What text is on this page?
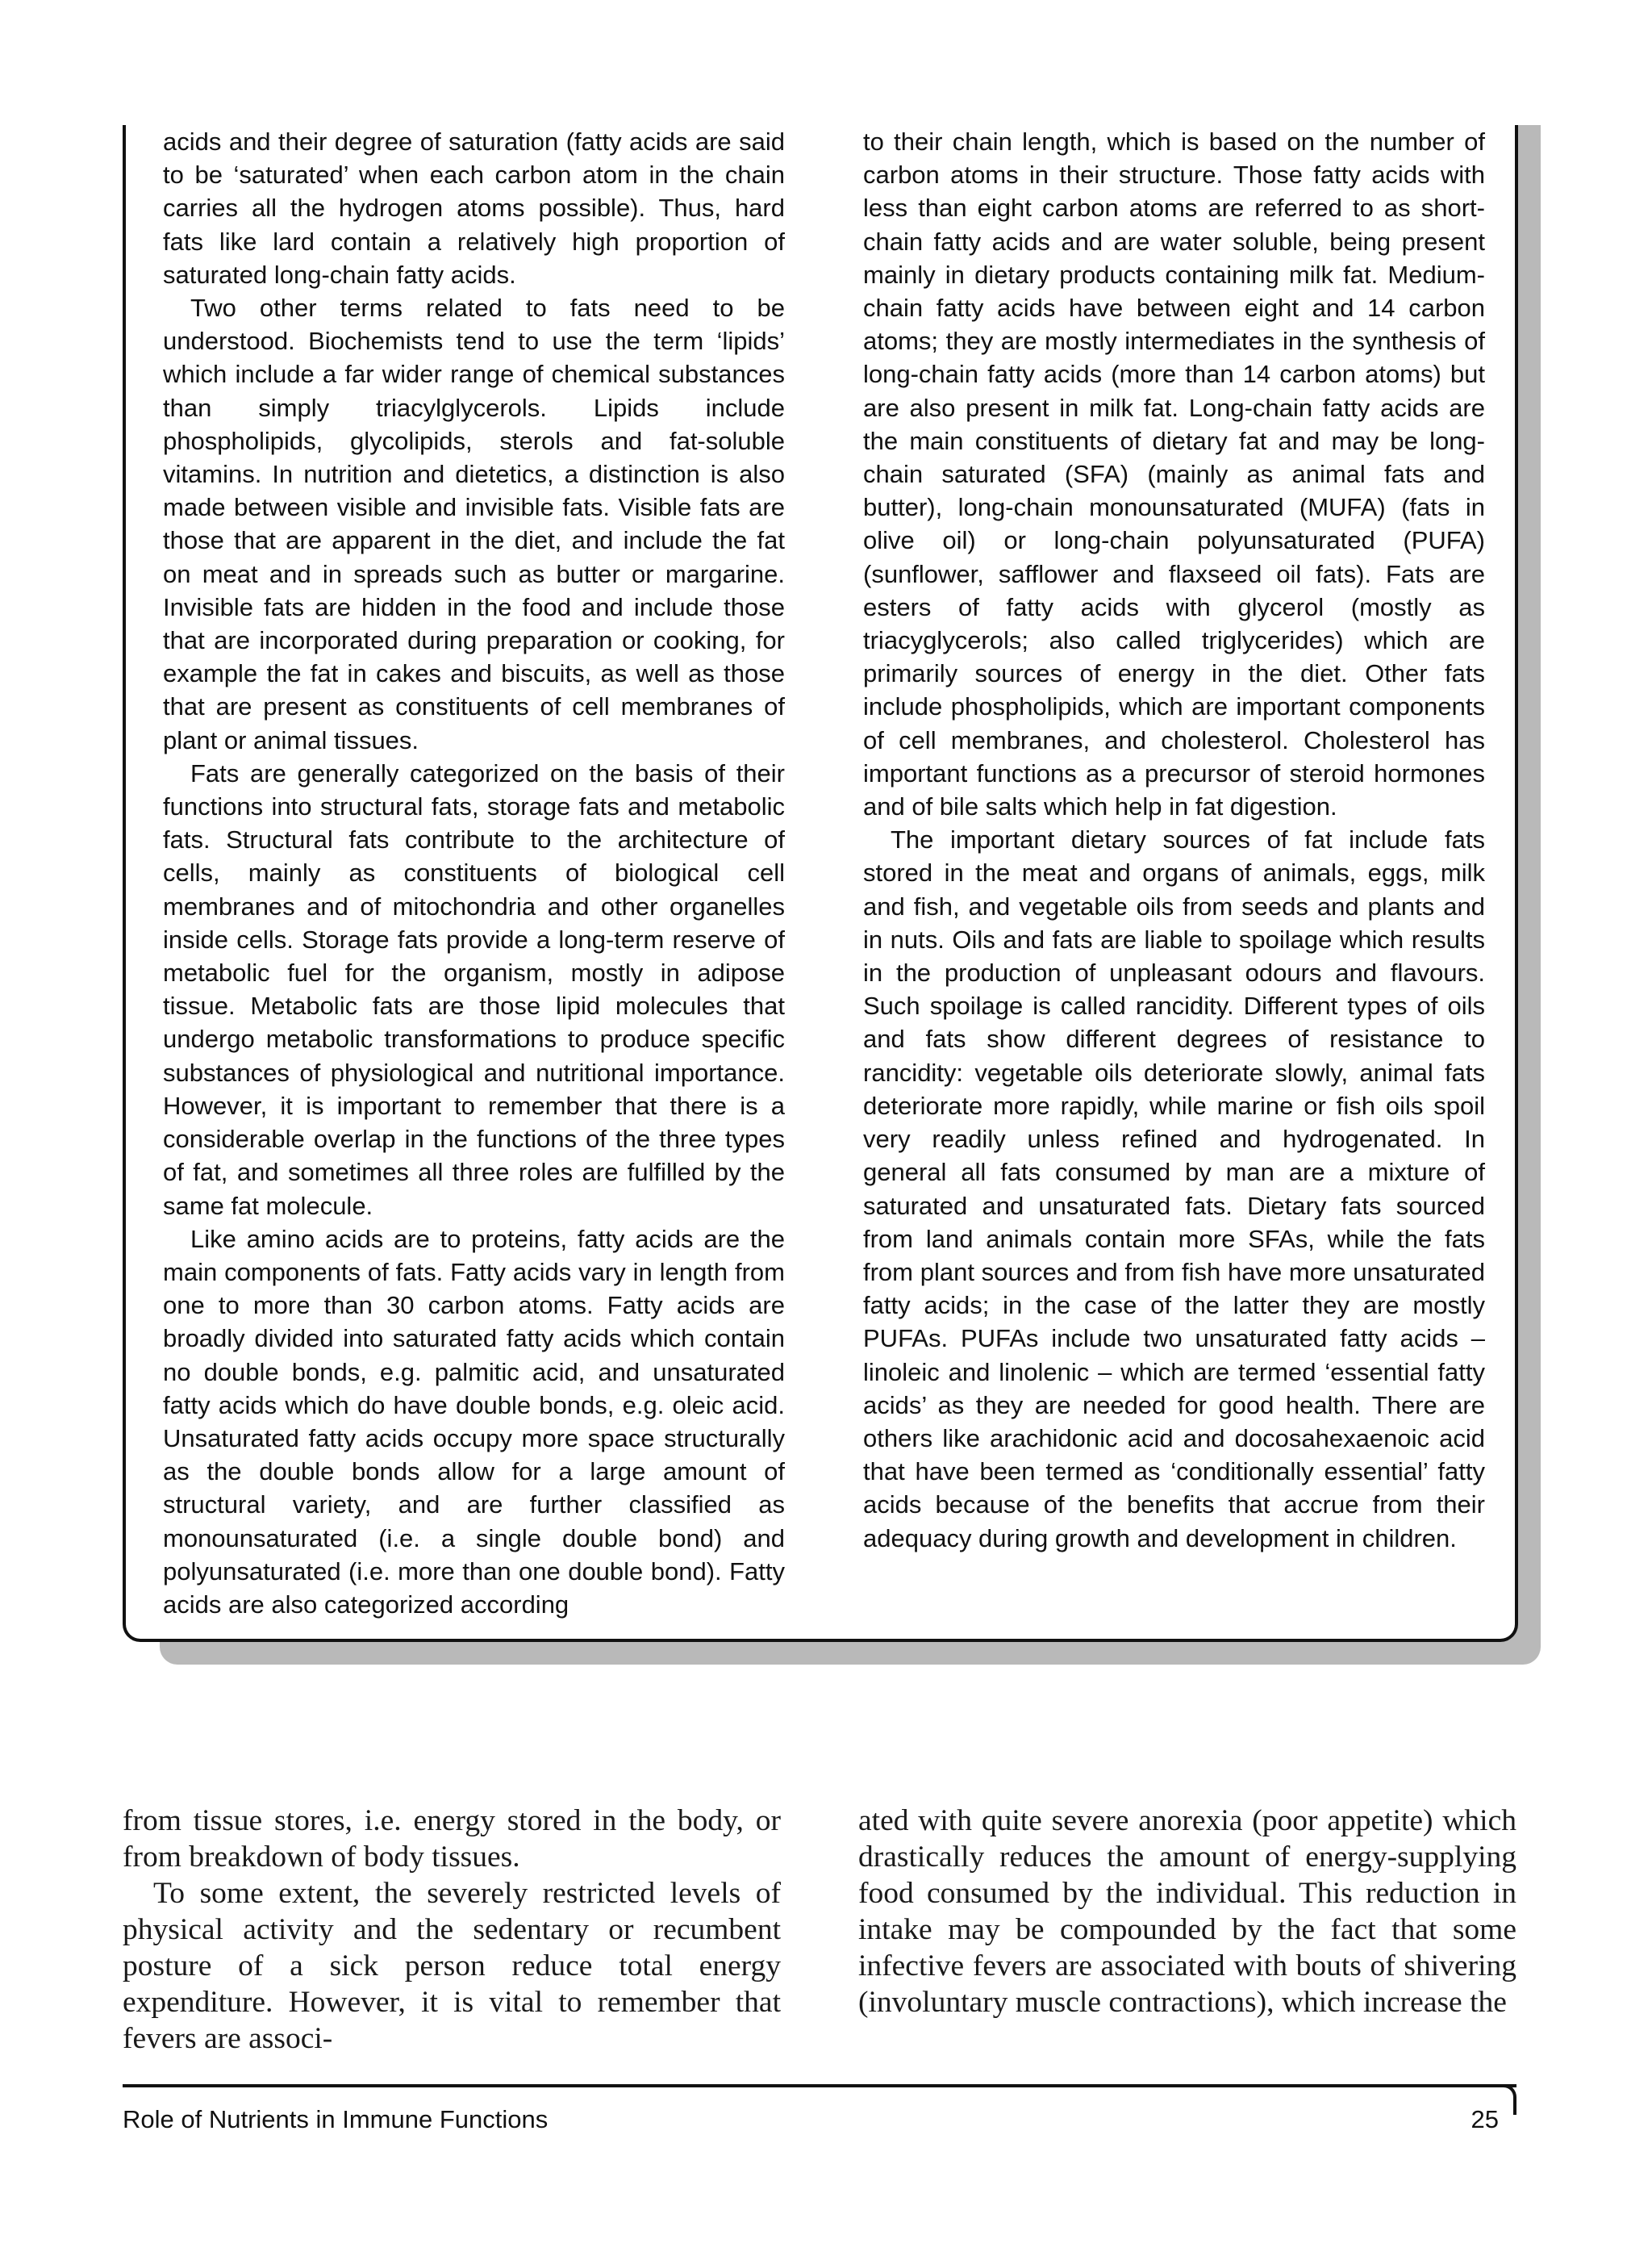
acids and their degree of saturation (fatty acids are said to be ‘saturated’ when each carbon atom in the chain carries all the hydrogen atoms possible). Thus, hard fats like lard contain a relatively high proportion of saturated long-chain fatty acids.

Two other terms related to fats need to be understood. Biochemists tend to use the term ‘lipids’ which include a far wider range of chemical substances than simply triacylglycerols. Lipids include phospholipids, glycolipids, sterols and fat-soluble vitamins. In nutrition and dietetics, a distinction is also made between visible and invisible fats. Visible fats are those that are apparent in the diet, and include the fat on meat and in spreads such as butter or margarine. Invisible fats are hidden in the food and include those that are incorporated during preparation or cooking, for example the fat in cakes and biscuits, as well as those that are present as constituents of cell membranes of plant or animal tissues.

Fats are generally categorized on the basis of their functions into structural fats, storage fats and metabolic fats. Structural fats contribute to the architecture of cells, mainly as constituents of biological cell membranes and of mitochondria and other organelles inside cells. Storage fats provide a long-term reserve of metabolic fuel for the organism, mostly in adipose tissue. Metabolic fats are those lipid molecules that undergo metabolic transformations to produce specific substances of physiological and nutritional importance. However, it is important to remember that there is a considerable overlap in the functions of the three types of fat, and sometimes all three roles are fulfilled by the same fat molecule.

Like amino acids are to proteins, fatty acids are the main components of fats. Fatty acids vary in length from one to more than 30 carbon atoms. Fatty acids are broadly divided into saturated fatty acids which contain no double bonds, e.g. palmitic acid, and unsaturated fatty acids which do have double bonds, e.g. oleic acid. Unsaturated fatty acids occupy more space structurally as the double bonds allow for a large amount of structural variety, and are further classified as monounsaturated (i.e. a single double bond) and polyunsaturated (i.e. more than one double bond). Fatty acids are also categorized according

to their chain length, which is based on the number of carbon atoms in their structure. Those fatty acids with less than eight carbon atoms are referred to as short-chain fatty acids and are water soluble, being present mainly in dietary products containing milk fat. Medium-chain fatty acids have between eight and 14 carbon atoms; they are mostly intermediates in the synthesis of long-chain fatty acids (more than 14 carbon atoms) but are also present in milk fat. Long-chain fatty acids are the main constituents of dietary fat and may be long-chain saturated (SFA) (mainly as animal fats and butter), long-chain monounsaturated (MUFA) (fats in olive oil) or long-chain polyunsaturated (PUFA) (sunflower, safflower and flaxseed oil fats). Fats are esters of fatty acids with glycerol (mostly as triacyglycerols; also called triglycerides) which are primarily sources of energy in the diet. Other fats include phospholipids, which are important components of cell membranes, and cholesterol. Cholesterol has important functions as a precursor of steroid hormones and of bile salts which help in fat digestion.

The important dietary sources of fat include fats stored in the meat and organs of animals, eggs, milk and fish, and vegetable oils from seeds and plants and in nuts. Oils and fats are liable to spoilage which results in the production of unpleasant odours and flavours. Such spoilage is called rancidity. Different types of oils and fats show different degrees of resistance to rancidity: vegetable oils deteriorate slowly, animal fats deteriorate more rapidly, while marine or fish oils spoil very readily unless refined and hydrogenated. In general all fats consumed by man are a mixture of saturated and unsaturated fats. Dietary fats sourced from land animals contain more SFAs, while the fats from plant sources and from fish have more unsaturated fatty acids; in the case of the latter they are mostly PUFAs. PUFAs include two unsaturated fatty acids – linoleic and linolenic – which are termed ‘essential fatty acids’ as they are needed for good health. There are others like arachidonic acid and docosahexaenoic acid that have been termed as ‘conditionally essential’ fatty acids because of the benefits that accrue from their adequacy during growth and development in children.

from tissue stores, i.e. energy stored in the body, or from breakdown of body tissues.

To some extent, the severely restricted levels of physical activity and the sedentary or recumbent posture of a sick person reduce total energy expenditure. However, it is vital to remember that fevers are associ-

ated with quite severe anorexia (poor appetite) which drastically reduces the amount of energy-supplying food consumed by the individual. This reduction in intake may be compounded by the fact that some infective fevers are associated with bouts of shivering (involuntary muscle contractions), which increase the

Role of Nutrients in Immune Functions	25
